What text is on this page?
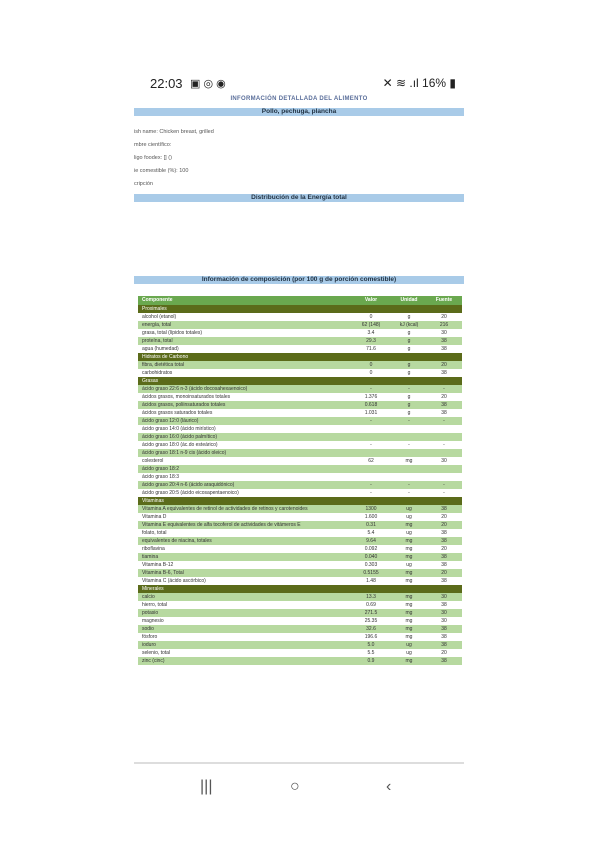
22:03 ▣ ◎ ◉	✕ ≋ .ıl 16% ▮
INFORMACIÓN DETALLADA DEL ALIMENTO
Pollo, pechuga, plancha
ish name: Chicken breast, grilled
mbre científico:
ligo foodex: [] ()
ie comestible (%): 100
cripción
Distribución de la Energía total
Información de composición (por 100 g de porción comestible)
Componente	Valor	Unidad	Fuente
Proximales
alcohol (etanol)	0	g	20
energía, total	62 (148)	kJ (kcal)	216
grasa, total (lípidos totales)	3.4	g	30
proteína, total	29.3	g	38
agua (humedad)	71.6	g	38
Hidratos de Carbono
fibra, dietética total	0	g	20
carbohidratos	0	g	38
Grasas
ácido graso 22:6 n-3 (ácido docosahexaenoico)	-	-	-
ácidos grasos, monoinsaturados totales	1.376	g	20
ácidos grasos, poliinsaturados totales	0.618	g	38
ácidos grasos saturados totales	1.031	g	38
ácido graso 12:0 (láurico)	-	-	-
ácido graso 14:0 (ácido mirístico)
ácido graso 16:0 (ácido palmítico)
ácido graso 18:0 (ác.do esteárico)	-	-	-
ácido graso 18:1 n-9 cis (ácido oleico)
colesterol	62	mg	30
ácido graso 18:2
ácido graso 18:3
ácido graso 20:4 n-6 (ácido araquidónico)	-	-	-
ácido graso 20:5 (ácido eicosapentaenoico)	-	-	-
Vitaminas
Vitamina A equivalentes de retinol de actividades de retinos y carotenoides	1300	ug	38
Vitamina D	1.600	ug	20
Vitamina E equivalentes de alfa tocoferol de actividades de vitámeros E	0.31	mg	20
folato, total	5.4	ug	38
equivalentes de niacina, totales	9.64	mg	38
riboflavina	0.092	mg	20
tiamina	0.040	mg	38
Vitamina B-12	0.303	ug	38
Vitamina B-6, Total	0.5155	mg	20
Vitamina C (ácido ascórbico)	1.48	mg	38
Minerales
calcio	13.3	mg	30
hierro, total	0.69	mg	38
potasio	271.5	mg	30
magnesio	25.35	mg	30
sodio	32.6	mg	38
fósforo	196.6	mg	38
ioduro	5.0	ug	38
selenio, total	5.5	ug	20
zinc (cinc)	0.9	mg	38
|||	○	‹
